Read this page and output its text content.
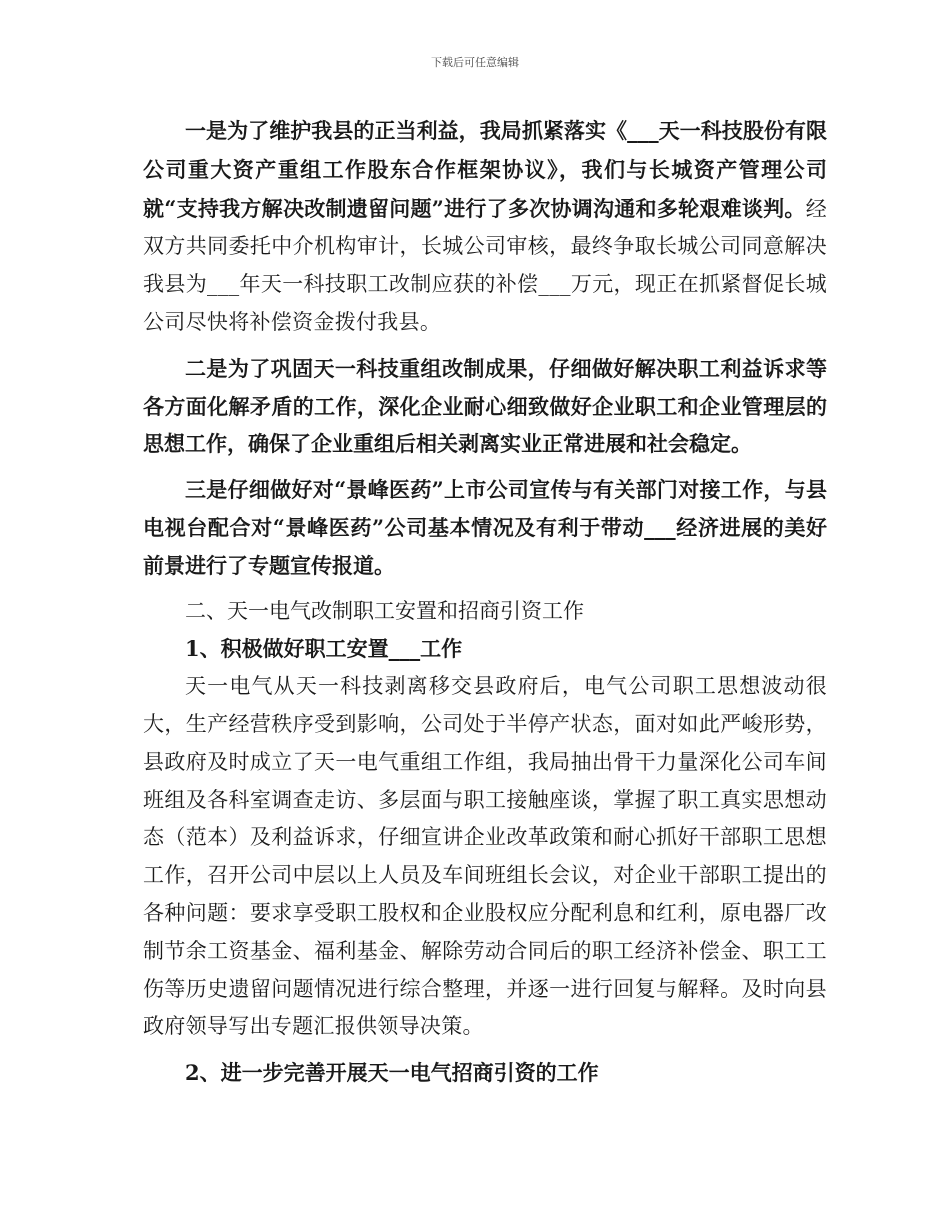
下载后可任意编辑

一是为了维护我县的正当利益，我局抓紧落实《___天一科技股份有限公司重大资产重组工作股东合作框架协议》，我们与长城资产管理公司就“支持我方解决改制遗留问题”进行了多次协调沟通和多轮艰难谈判。经双方共同委托中介机构审计，长城公司审核，最终争取长城公司同意解决我县为___年天一科技职工改制应获的补偿___万元，现正在抓紧督促长城公司尽快将补偿资金拨付我县。

二是为了巩固天一科技重组改制成果，仔细做好解决职工利益诉求等各方面化解矛盾的工作，深化企业耐心细致做好企业职工和企业管理层的思想工作，确保了企业重组后相关剥离实业正常进展和社会稳定。

三是仔细做好对“景峰医药”上市公司宣传与有关部门对接工作，与县电视台配合对“景峰医药”公司基本情况及有利于带动___经济进展的美好前景进行了专题宣传报道。

二、天一电气改制职工安置和招商引资工作

1、积极做好职工安置___工作

天一电气从天一科技剥离移交县政府后，电气公司职工思想波动很大，生产经营秩序受到影响，公司处于半停产状态，面对如此严峻形势，县政府及时成立了天一电气重组工作组，我局抽出骨干力量深化公司车间班组及各科室调查走访、多层面与职工接触座谈，掌握了职工真实思想动态（范本）及利益诉求，仔细宣讲企业改革政策和耐心抓好干部职工思想工作，召开公司中层以上人员及车间班组长会议，对企业干部职工提出的各种问题：要求享受职工股权和企业股权应分配利息和红利，原电器厂改制节余工资基金、福利基金、解除劳动合同后的职工经济补偿金、职工工伤等历史遗留问题情况进行综合整理，并逐一进行回复与解释。及时向县政府领导写出专题汇报供领导决策。

2、进一步完善开展天一电气招商引资的工作
